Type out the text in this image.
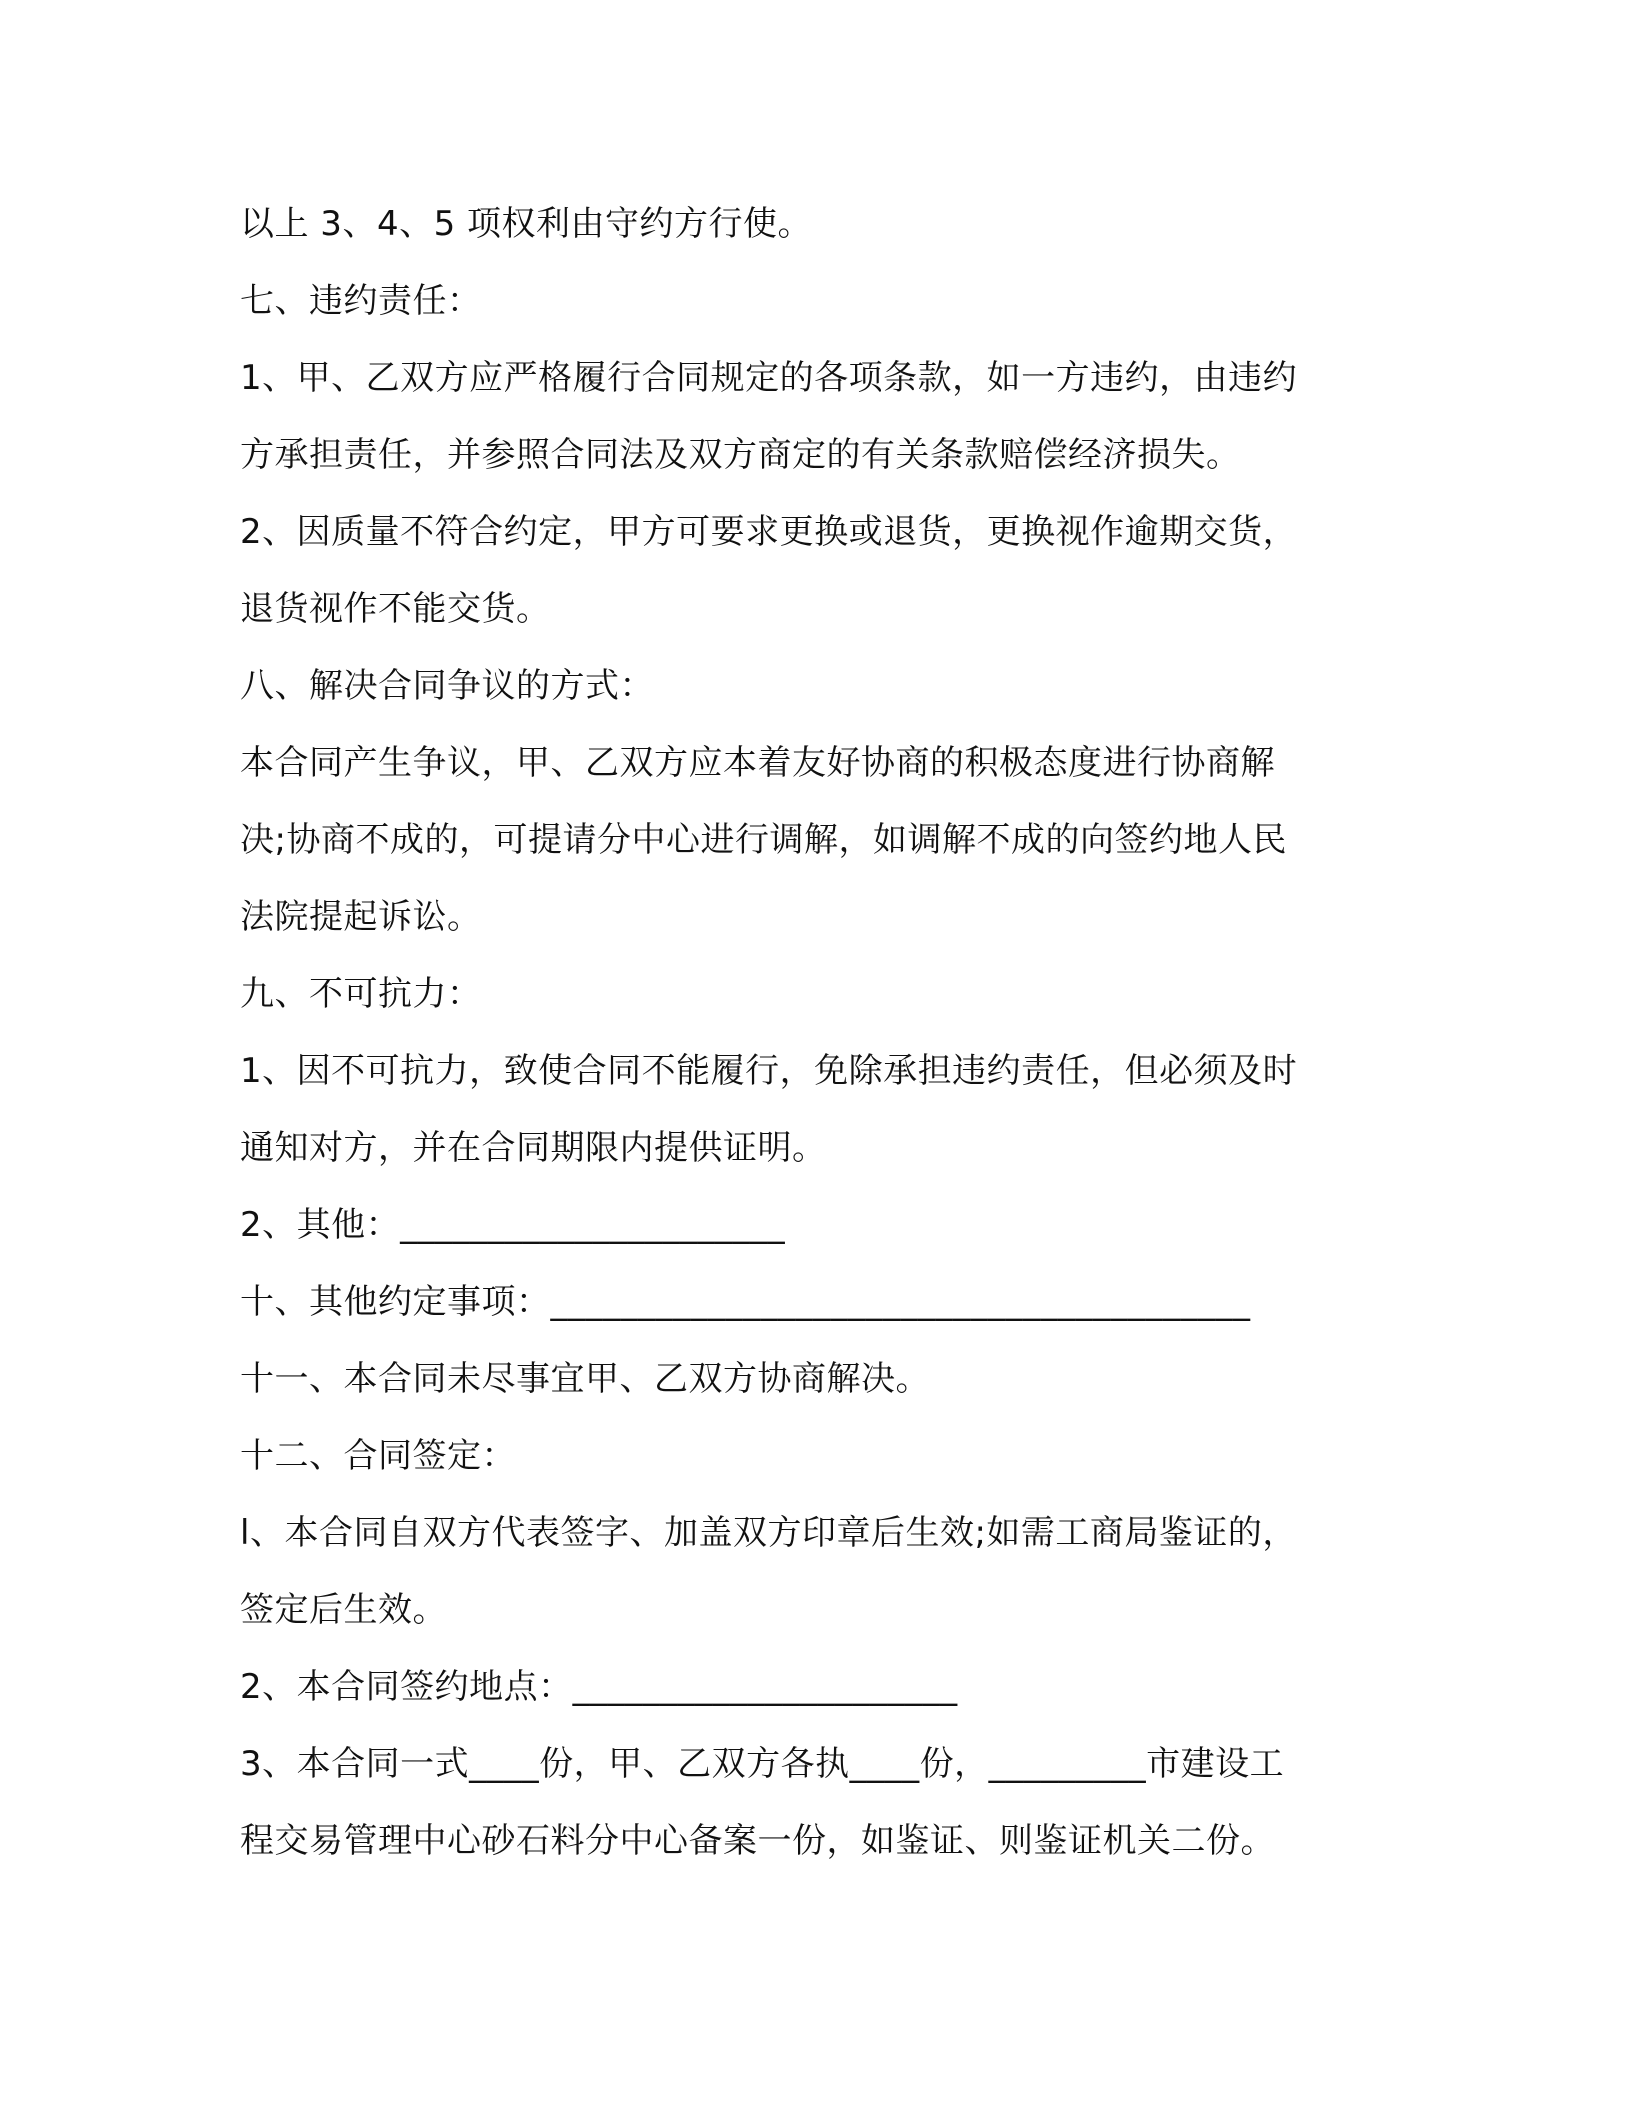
以上 3、4、5 项权利由守约方行使。
七、违约责任：
1、甲、乙双方应严格履行合同规定的各项条款，如一方违约，由违约
方承担责任，并参照合同法及双方商定的有关条款赔偿经济损失。
2、因质量不符合约定，甲方可要求更换或退货，更换视作逾期交货，
退货视作不能交货。
八、解决合同争议的方式：
本合同产生争议，甲、乙双方应本着友好协商的积极态度进行协商解
决;协商不成的，可提请分中心进行调解，如调解不成的向签约地人民
法院提起诉讼。
九、不可抗力：
1、因不可抗力，致使合同不能履行，免除承担违约责任，但必须及时
通知对方，并在合同期限内提供证明。
2、其他：______________________
十、其他约定事项：________________________________________
十一、本合同未尽事宜甲、乙双方协商解决。
十二、合同签定：
l、本合同自双方代表签字、加盖双方印章后生效;如需工商局鉴证的，
签定后生效。
2、本合同签约地点：______________________
3、本合同一式____份，甲、乙双方各执____份，_________市建设工
程交易管理中心砂石料分中心备案一份，如鉴证、则鉴证机关二份。
